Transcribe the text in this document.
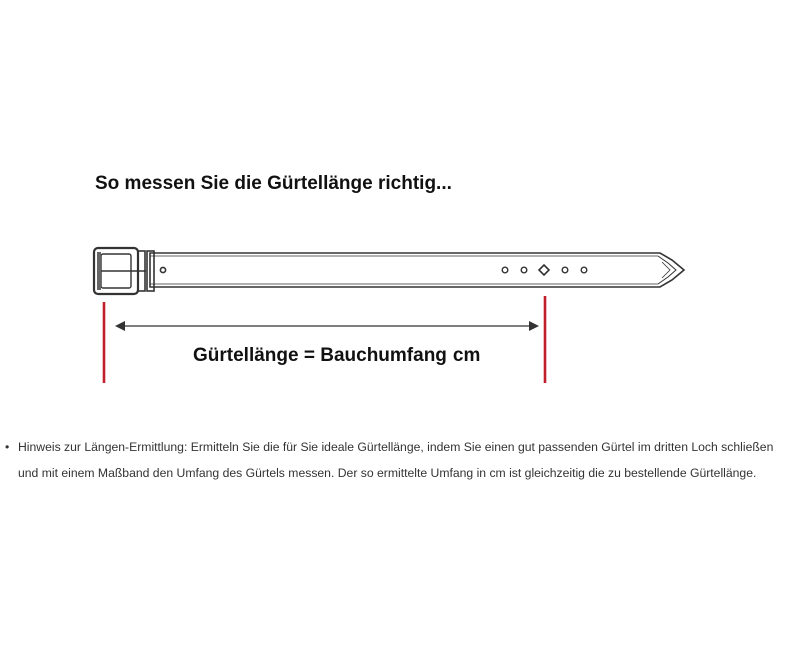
So messen Sie die Gürtellänge richtig...
Gürtellänge = Bauchumfang cm
• Hinweis zur Längen-Ermittlung: Ermitteln Sie die für Sie ideale Gürtellänge, indem Sie einen gut passenden Gürtel im dritten Loch schließen und mit einem Maßband den Umfang des Gürtels messen. Der so ermittelte Umfang in cm ist gleichzeitig die zu bestellende Gürtellänge.
